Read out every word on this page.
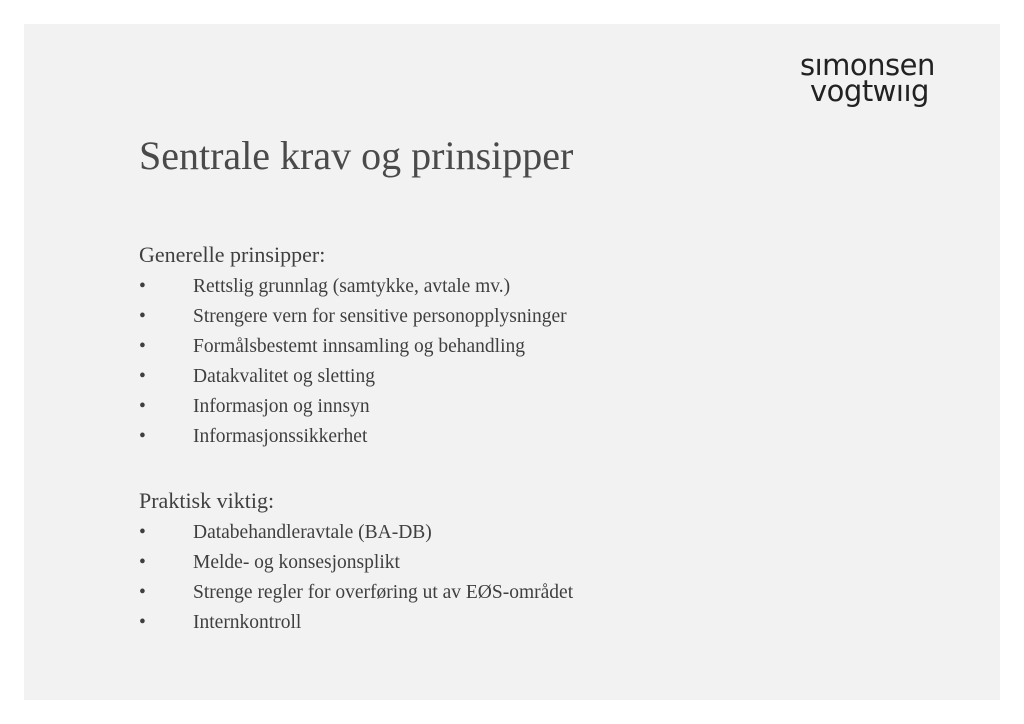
sımonsen
vogtwııg
Sentrale krav og prinsipper
Generelle prinsipper:
• Rettslig grunnlag (samtykke, avtale mv.)
• Strengere vern for sensitive personopplysninger
• Formålsbestemt innsamling og behandling
• Datakvalitet og sletting
• Informasjon og innsyn
• Informasjonssikkerhet
Praktisk viktig:
• Databehandleravtale (BA-DB)
• Melde- og konsesjonsplikt
• Strenge regler for overføring ut av EØS-området
• Internkontroll
